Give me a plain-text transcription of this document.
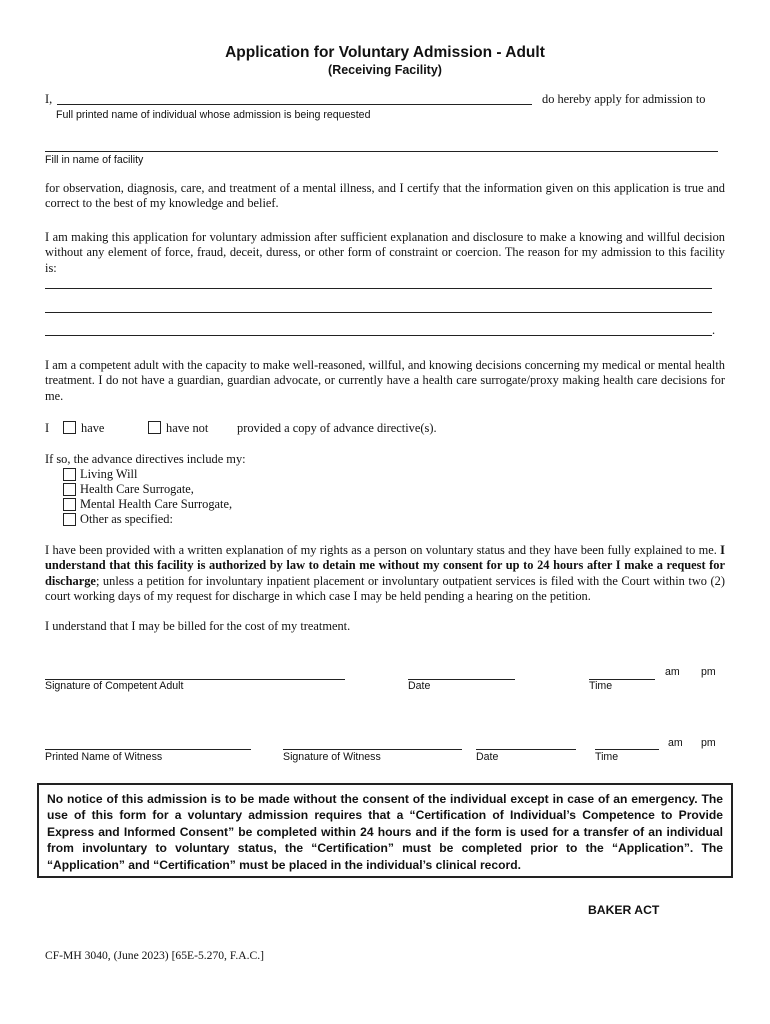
Application for Voluntary Admission - Adult
(Receiving Facility)
I,	do hereby apply for admission to
Full printed name of individual whose admission is being requested
Fill in name of facility
for observation, diagnosis, care, and treatment of a mental illness, and I certify that the information given on this application is true and correct to the best of my knowledge and belief.
I am making this application for voluntary admission after sufficient explanation and disclosure to make a knowing and willful decision without any element of force, fraud, deceit, duress, or other form of constraint or coercion. The reason for my admission to this facility is:
.
I am a competent adult with the capacity to make well-reasoned, willful, and knowing decisions concerning my medical or mental health treatment. I do not have a guardian, guardian advocate, or currently have a health care surrogate/proxy making health care decisions for me.
I	have	have not provided a copy of advance directive(s).
If so, the advance directives include my:
Living Will
Health Care Surrogate,
Mental Health Care Surrogate,
Other as specified:
I have been provided with a written explanation of my rights as a person on voluntary status and they have been fully explained to me. I understand that this facility is authorized by law to detain me without my consent for up to 24 hours after I make a request for discharge; unless a petition for involuntary inpatient placement or involuntary outpatient services is filed with the Court within two (2) court working days of my request for discharge in which case I may be held pending a hearing on the petition.
I understand that I may be billed for the cost of my treatment.
Signature of Competent Adult	Date	Time
am pm
Printed Name of Witness	Signature of Witness	Date	Time
am pm
No notice of this admission is to be made without the consent of the individual except in case of an emergency. The use of this form for a voluntary admission requires that a “Certification of Individual’s Competence to Provide Express and Informed Consent” be completed within 24 hours and if the form is used for a transfer of an individual from involuntary to voluntary status, the “Certification” must be completed prior to the “Application”. The “Application” and “Certification” must be placed in the individual’s clinical record.
BAKER ACT
CF-MH 3040, (June 2023) [65E-5.270, F.A.C.]
